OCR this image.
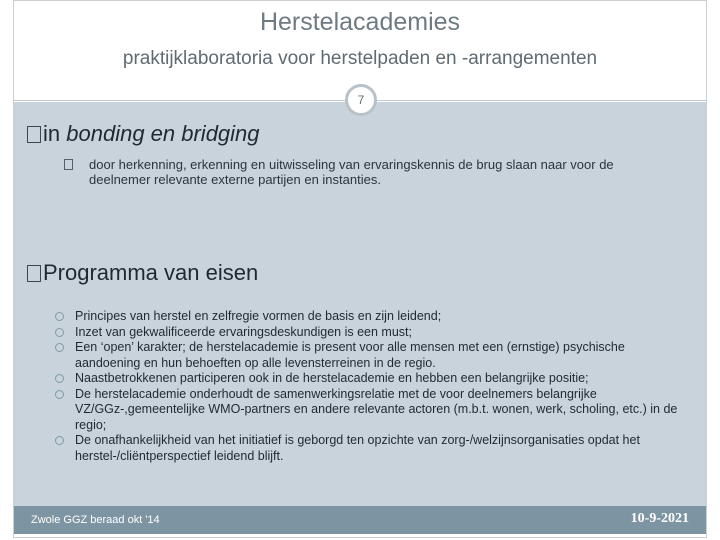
Herstelacademies
praktijklaboratoria voor herstelpaden en -arrangementen
7
in bonding en bridging
door herkenning, erkenning en uitwisseling van ervaringskennis de brug slaan naar voor de deelnemer relevante externe partijen en instanties.
Programma van eisen
Principes van herstel en zelfregie vormen de basis en zijn leidend;
Inzet van gekwalificeerde ervaringsdeskundigen is een must;
Een ‘open’ karakter; de herstelacademie is present voor alle mensen met een (ernstige) psychische aandoening en hun behoeften op alle levensterreinen in de regio.
Naastbetrokkenen participeren ook in de herstelacademie en hebben een belangrijke positie;
De herstelacademie onderhoudt de samenwerkingsrelatie met de voor deelnemers belangrijke VZ/GGz-,gemeentelijke WMO-partners en andere relevante actoren (m.b.t. wonen, werk, scholing, etc.) in de regio;
De onafhankelijkheid van het initiatief is geborgd ten opzichte van zorg-/welzijnsorganisaties opdat het herstel-/cliëntperspectief leidend blijft.
Zwole GGZ beraad okt '14	10-9-2021
